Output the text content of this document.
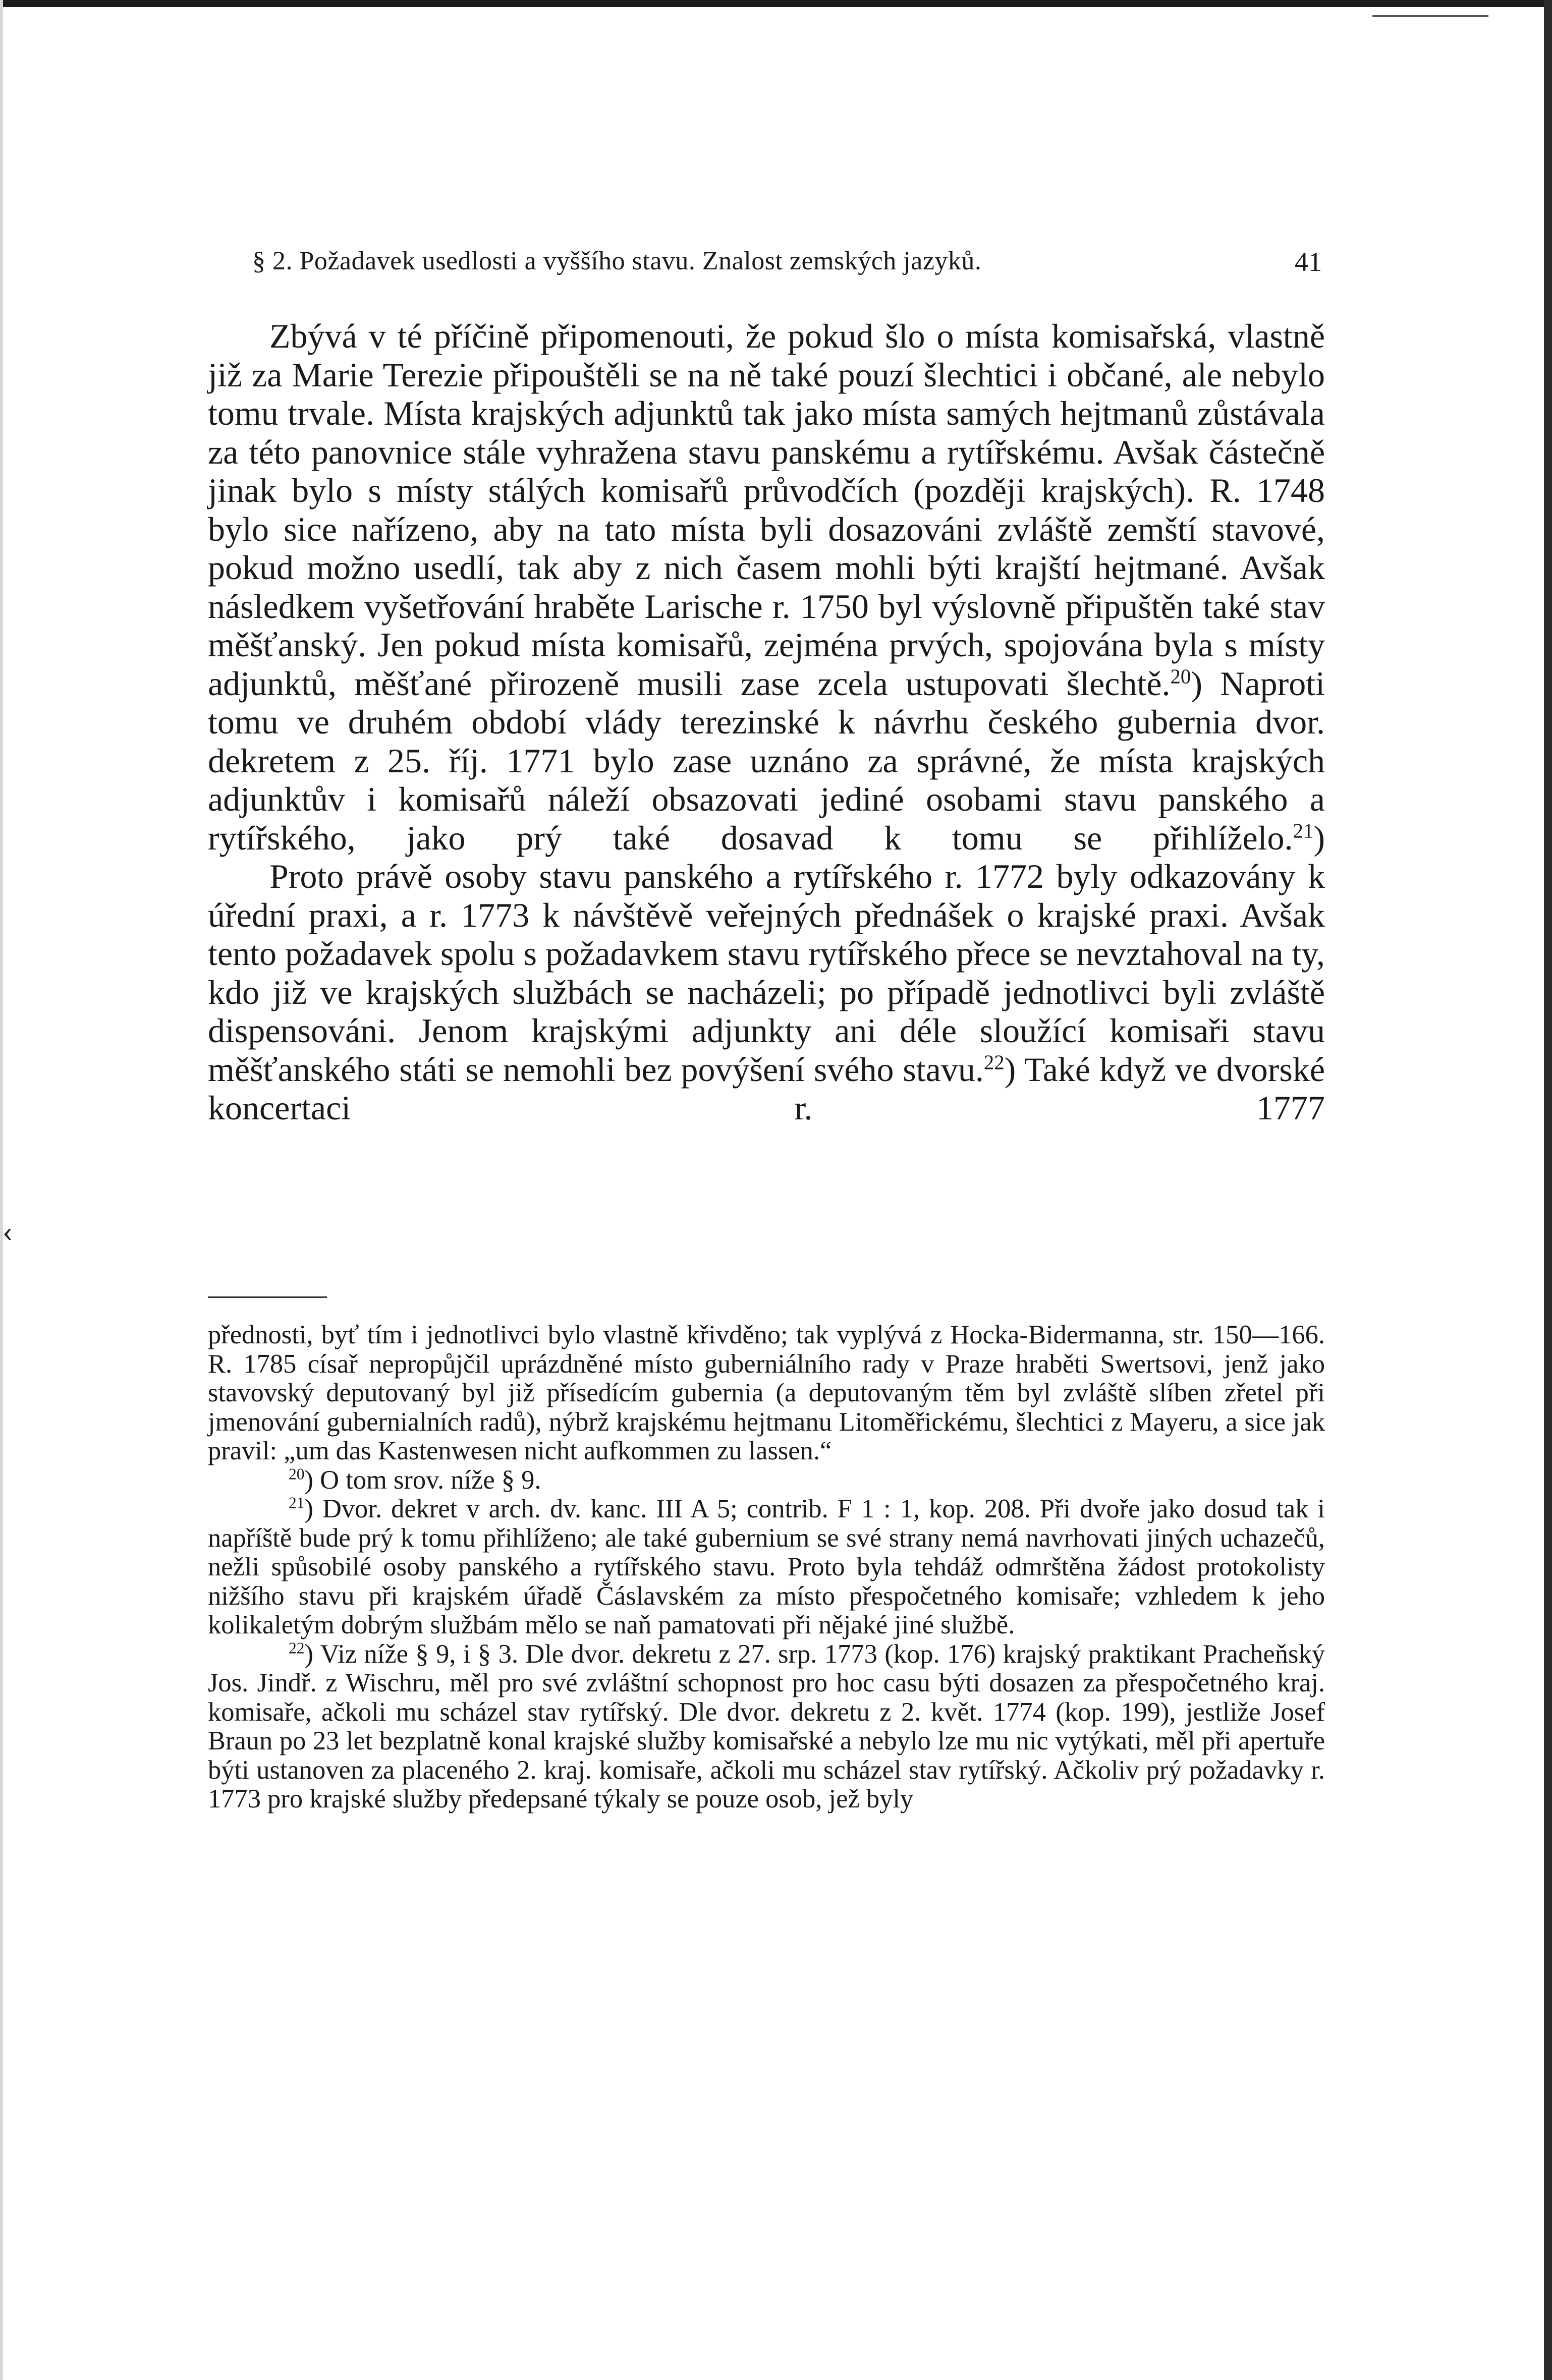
§ 2. Požadavek usedlosti a vyššího stavu. Znalost zemských jazyků.	41

Zbývá v té příčině připomenouti, že pokud šlo o místa komisařská, vlastně již za Marie Terezie připouštěli se na ně také pouzí šlechtici i občané, ale nebylo tomu trvale. Místa krajských adjunktů tak jako místa samých hejtmanů zůstávala za této panovnice stále vyhražena stavu panskému a rytířskému. Avšak částečně jinak bylo s místy stálých komisařů průvodčích (později krajských). R. 1748 bylo sice nařízeno, aby na tato místa byli dosazováni zvláště zemští stavové, pokud možno usedlí, tak aby z nich časem mohli býti krajští hejtmané. Avšak následkem vyšetřování hraběte Larische r. 1750 byl výslovně připuštěn také stav měšťanský. Jen pokud místa komisařů, zejména prvých, spojována byla s místy adjunktů, měšťané přirozeně musili zase zcela ustupovati šlechtě.$^{20}$) Naproti tomu ve druhém období vlády terezinské k návrhu českého gubernia dvor. dekretem z 25. říj. 1771 bylo zase uznáno za správné, že místa krajských adjunktův i komisařů náleží obsazovati jediné osobami stavu panského a rytířského, jako prý také dosavad k tomu se přihlíželo.$^{21}$)

Proto právě osoby stavu panského a rytířského r. 1772 byly odkazovány k úřední praxi, a r. 1773 k návštěvě veřejných přednášek o krajské praxi. Avšak tento požadavek spolu s požadavkem stavu rytířského přece se nevztahoval na ty, kdo již ve krajských službách se nacházeli; po případě jednotlivci byli zvláště dispensováni. Jenom krajskými adjunkty ani déle sloužící komisaři stavu měšťanského státi se nemohli bez povýšení svého stavu.$^{22}$) Také když ve dvorské koncertaci r. 1777

přednosti, byť tím i jednotlivci bylo vlastně křivděno; tak vyplývá z Hocka-Bidermanna, str. 150—166. R. 1785 císař nepropůjčil uprázdněné místo guberniálního rady v Praze hraběti Swertsovi, jenž jako stavovský deputovaný byl již přísedícím gubernia (a deputovaným těm byl zvláště slíben zřetel při jmenování gubernialních radů), nýbrž krajskému hejtmanu Litoměřickému, šlechtici z Mayeru, a sice jak pravil: „um das Kastenwesen nicht aufkommen zu lassen.“

$^{20}$) O tom srov. níže § 9.

$^{21}$) Dvor. dekret v arch. dv. kanc. III A 5; contrib. F 1 : 1, kop. 208. Při dvoře jako dosud tak i napříště bude prý k tomu přihlíženo; ale také gubernium se své strany nemá navrhovati jiných uchazečů, nežli spůsobilé osoby panského a rytířského stavu. Proto byla tehdáž odmrštěna žádost protokolisty nižšího stavu při krajském úřadě Čáslavském za místo přespočetného komisaře; vzhledem k jeho kolikaletým dobrým službám mělo se naň pamatovati při nějaké jiné službě.

$^{22}$) Viz níže § 9, i § 3. Dle dvor. dekretu z 27. srp. 1773 (kop. 176) krajský praktikant Pracheňský Jos. Jindř. z Wischru, měl pro své zvláštní schopnost pro hoc casu býti dosazen za přespočetného kraj. komisaře, ačkoli mu scházel stav rytířský. Dle dvor. dekretu z 2. květ. 1774 (kop. 199), jestliže Josef Braun po 23 let bezplatně konal krajské služby komisařské a nebylo lze mu nic vytýkati, měl při apertuře býti ustanoven za placeného 2. kraj. komisaře, ačkoli mu scházel stav rytířský. Ačkoliv prý požadavky r. 1773 pro krajské služby předepsané týkaly se pouze osob, jež byly
